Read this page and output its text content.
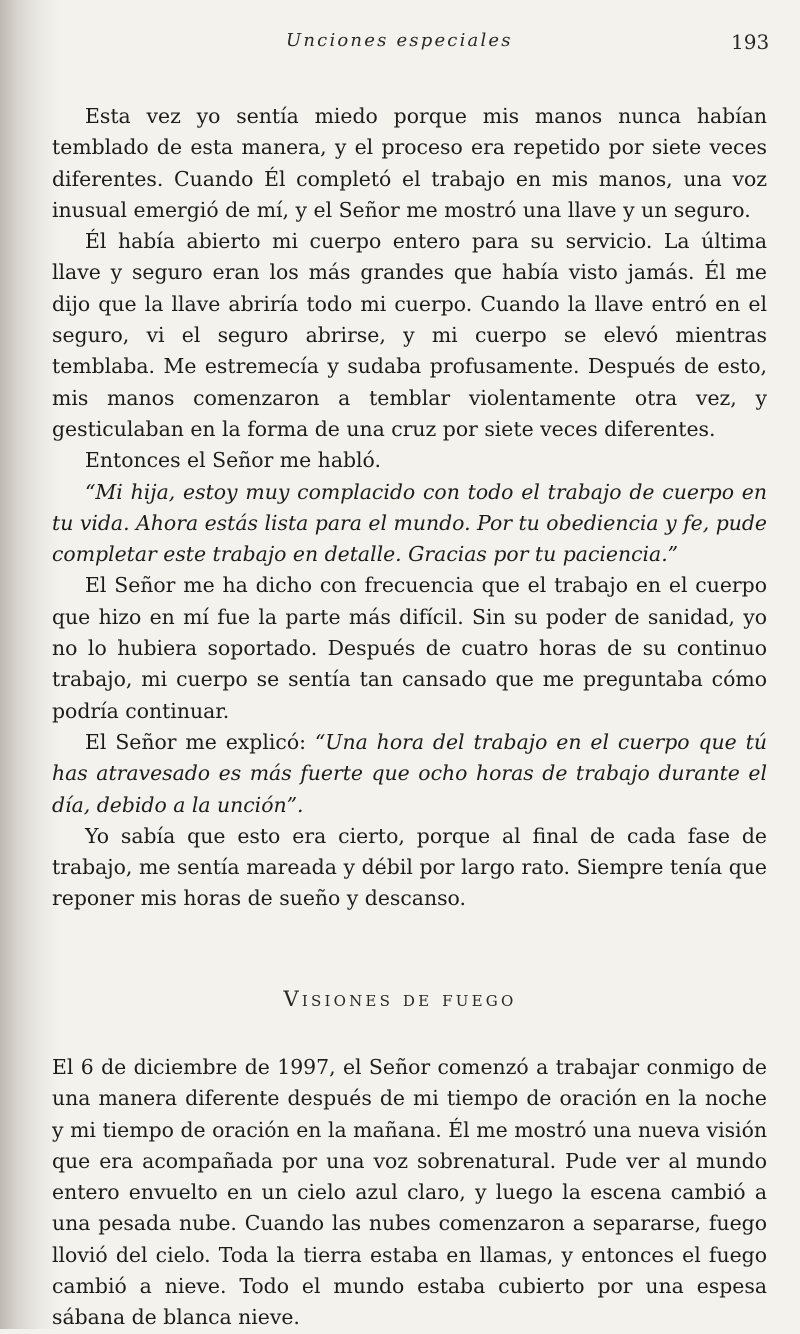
Unciones especiales	193

Esta vez yo sentía miedo porque mis manos nunca habían temblado de esta manera, y el proceso era repetido por siete veces diferentes. Cuando Él completó el trabajo en mis manos, una voz inusual emergió de mí, y el Señor me mostró una llave y un seguro.

Él había abierto mi cuerpo entero para su servicio. La última llave y seguro eran los más grandes que había visto jamás. Él me dijo que la llave abriría todo mi cuerpo. Cuando la llave entró en el seguro, vi el seguro abrirse, y mi cuerpo se elevó mientras temblaba. Me estremecía y sudaba profusamente. Después de esto, mis manos comenzaron a temblar violentamente otra vez, y gesticulaban en la forma de una cruz por siete veces diferentes.

Entonces el Señor me habló.

“Mi hija, estoy muy complacido con todo el trabajo de cuerpo en tu vida. Ahora estás lista para el mundo. Por tu obediencia y fe, pude completar este trabajo en detalle. Gracias por tu paciencia.”

El Señor me ha dicho con frecuencia que el trabajo en el cuerpo que hizo en mí fue la parte más difícil. Sin su poder de sanidad, yo no lo hubiera soportado. Después de cuatro horas de su continuo trabajo, mi cuerpo se sentía tan cansado que me preguntaba cómo podría continuar.

El Señor me explicó: “Una hora del trabajo en el cuerpo que tú has atravesado es más fuerte que ocho horas de trabajo durante el día, debido a la unción”.

Yo sabía que esto era cierto, porque al final de cada fase de trabajo, me sentía mareada y débil por largo rato. Siempre tenía que reponer mis horas de sueño y descanso.

Visiones de fuego

El 6 de diciembre de 1997, el Señor comenzó a trabajar conmigo de una manera diferente después de mi tiempo de oración en la noche y mi tiempo de oración en la mañana. Él me mostró una nueva visión que era acompañada por una voz sobrenatural. Pude ver al mundo entero envuelto en un cielo azul claro, y luego la escena cambió a una pesada nube. Cuando las nubes comenzaron a separarse, fuego llovió del cielo. Toda la tierra estaba en llamas, y entonces el fuego cambió a nieve. Todo el mundo estaba cubierto por una espesa sábana de blanca nieve.
